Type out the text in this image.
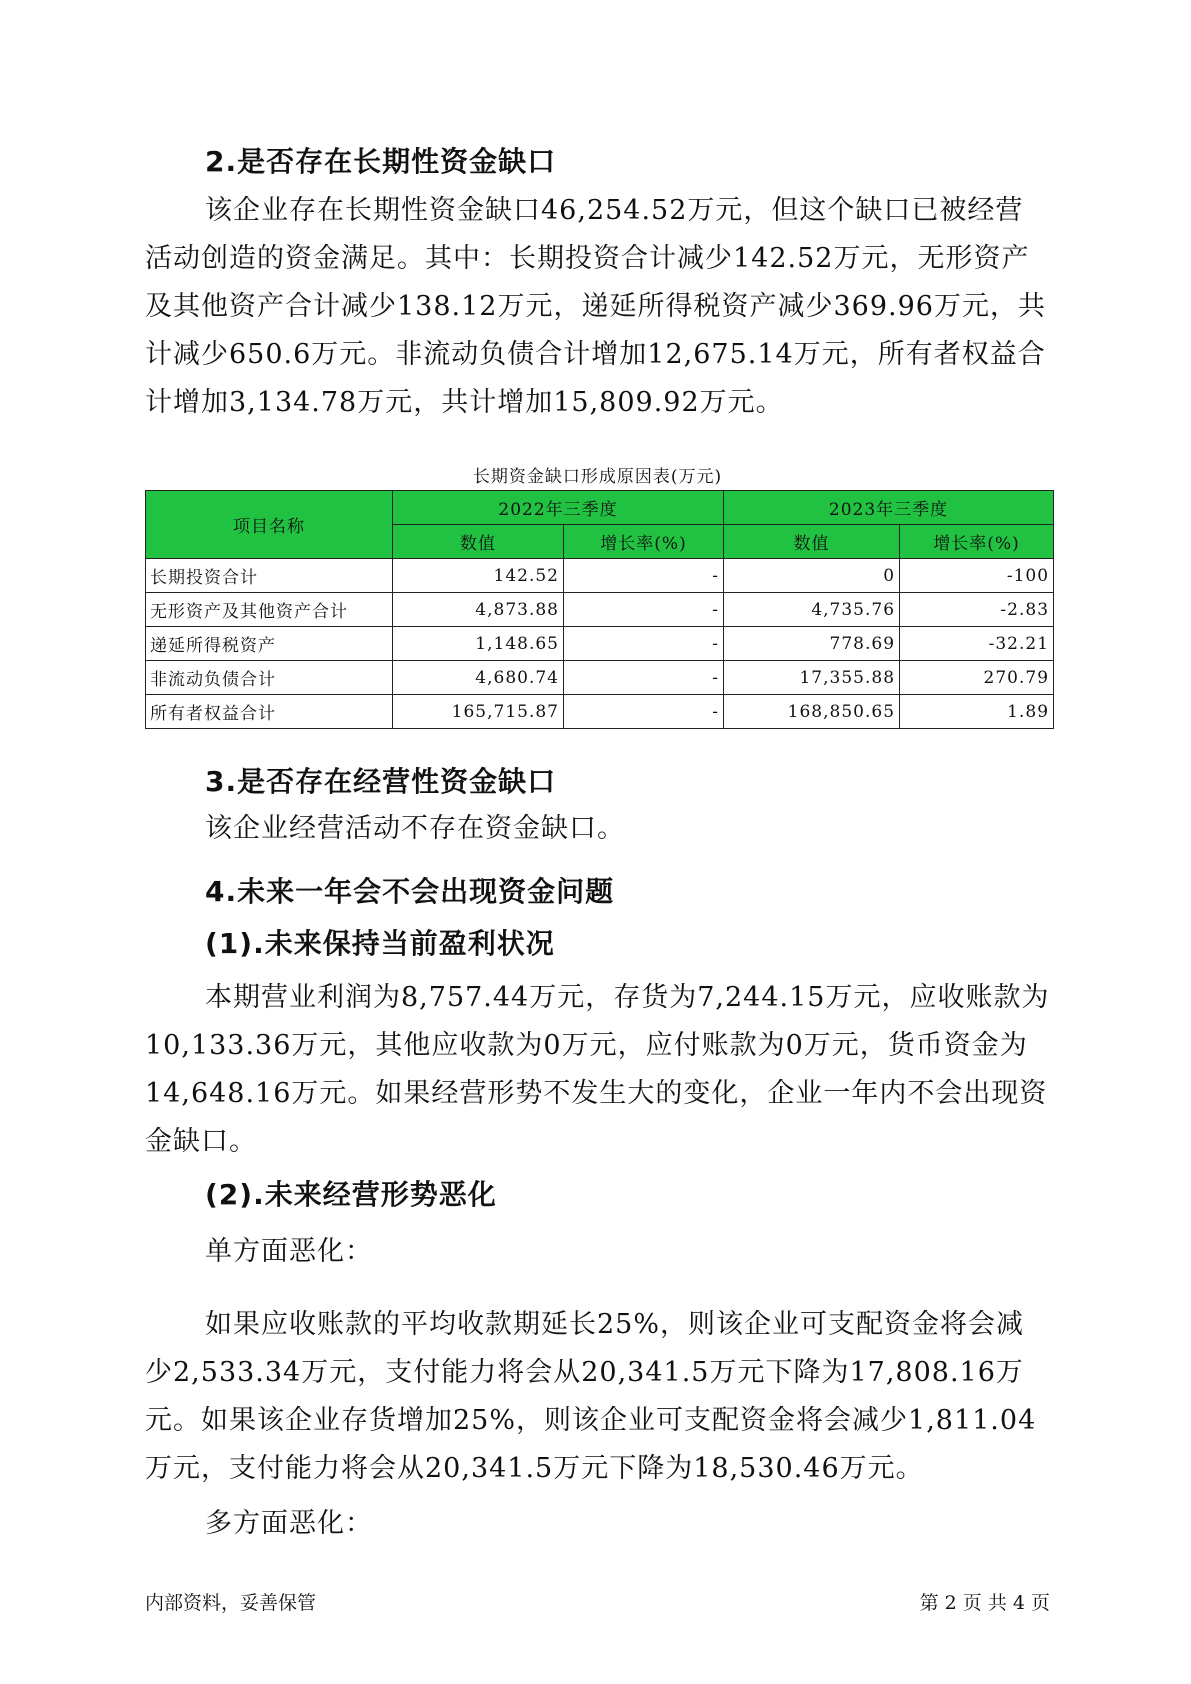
2.是否存在长期性资金缺口

该企业存在长期性资金缺口46,254.52万元，但这个缺口已被经营活动创造的资金满足。其中：长期投资合计减少142.52万元，无形资产及其他资产合计减少138.12万元，递延所得税资产减少369.96万元，共计减少650.6万元。非流动负债合计增加12,675.14万元，所有者权益合计增加3,134.78万元，共计增加15,809.92万元。

长期资金缺口形成原因表(万元)
项目名称	2022年三季度		2023年三季度	
	数值	增长率(%)	数值	增长率(%)
长期投资合计	142.52	-	0	-100
无形资产及其他资产合计	4,873.88	-	4,735.76	-2.83
递延所得税资产	1,148.65	-	778.69	-32.21
非流动负债合计	4,680.74	-	17,355.88	270.79
所有者权益合计	165,715.87	-	168,850.65	1.89
3.是否存在经营性资金缺口

该企业经营活动不存在资金缺口。

4.未来一年会不会出现资金问题
(1).未来保持当前盈利状况

本期营业利润为8,757.44万元，存货为7,244.15万元，应收账款为10,133.36万元，其他应收款为0万元，应付账款为0万元，货币资金为14,648.16万元。如果经营形势不发生大的变化，企业一年内不会出现资金缺口。

(2).未来经营形势恶化

单方面恶化：

如果应收账款的平均收款期延长25%，则该企业可支配资金将会减少2,533.34万元，支付能力将会从20,341.5万元下降为17,808.16万元。如果该企业存货增加25%，则该企业可支配资金将会减少1,811.04万元，支付能力将会从20,341.5万元下降为18,530.46万元。

多方面恶化：

内部资料，妥善保管	第 2 页 共 4 页
